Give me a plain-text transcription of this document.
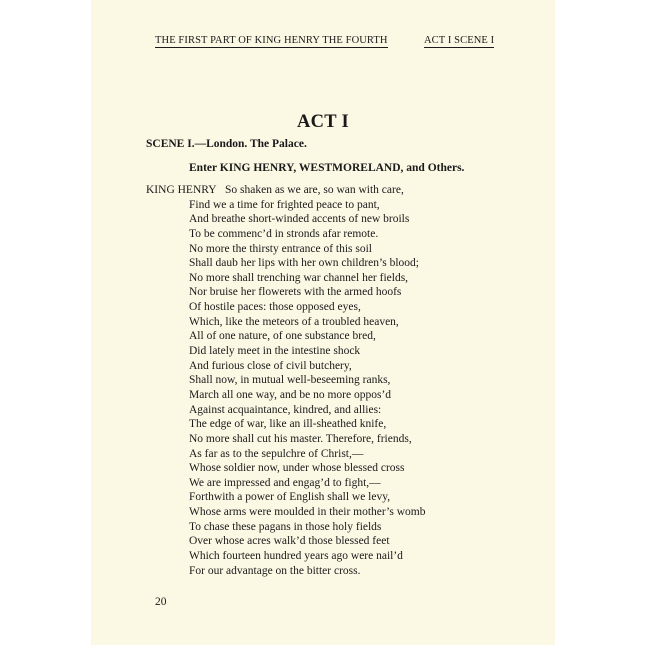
THE FIRST PART OF KING HENRY THE FOURTH	ACT I SCENE I
ACT I
SCENE I.—London. The Palace.
Enter KING HENRY, WESTMORELAND, and Others.
KING HENRY So shaken as we are, so wan with care,
Find we a time for frighted peace to pant,
And breathe short-winded accents of new broils
To be commenc’d in stronds afar remote.
No more the thirsty entrance of this soil
Shall daub her lips with her own children’s blood;
No more shall trenching war channel her fields,
Nor bruise her flowerets with the armed hoofs
Of hostile paces: those opposed eyes,
Which, like the meteors of a troubled heaven,
All of one nature, of one substance bred,
Did lately meet in the intestine shock
And furious close of civil butchery,
Shall now, in mutual well-beseeming ranks,
March all one way, and be no more oppos’d
Against acquaintance, kindred, and allies:
The edge of war, like an ill-sheathed knife,
No more shall cut his master. Therefore, friends,
As far as to the sepulchre of Christ,—
Whose soldier now, under whose blessed cross
We are impressed and engag’d to fight,—
Forthwith a power of English shall we levy,
Whose arms were moulded in their mother’s womb
To chase these pagans in those holy fields
Over whose acres walk’d those blessed feet
Which fourteen hundred years ago were nail’d
For our advantage on the bitter cross.
20
